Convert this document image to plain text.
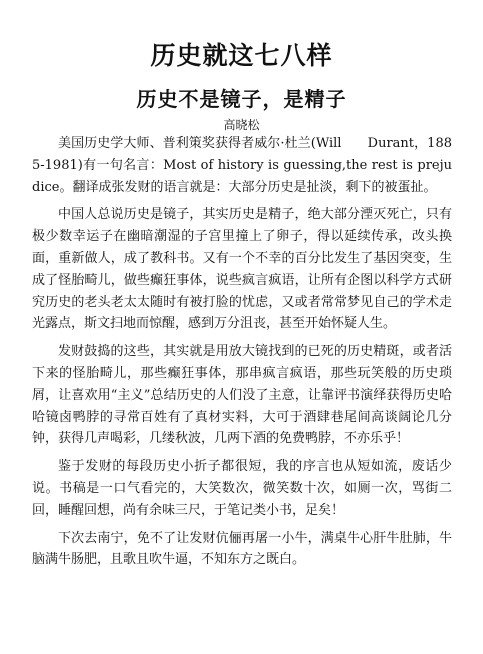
历史就这七八样
历史不是镜子，是精子
高晓松

美国历史学大师、普利策奖获得者威尔·杜兰(Will　　Durant，1885-1981)有一句名言：Most of history is guessing,the rest is prejudice。翻译成张发财的语言就是：大部分历史是扯淡，剩下的被蛋扯。

中国人总说历史是镜子，其实历史是精子，绝大部分湮灭死亡，只有极少数幸运子在幽暗潮湿的子宫里撞上了卵子，得以延续传承，改头换面，重新做人，成了教科书。又有一个不幸的百分比发生了基因突变，生成了怪胎畸儿，做些癫狂事体，说些疯言疯语，让所有企图以科学方式研究历史的老头老太太随时有被打脸的忧虑，又或者常常梦见自己的学术走光露点，斯文扫地而惊醒，感到万分沮丧，甚至开始怀疑人生。

发财鼓捣的这些，其实就是用放大镜找到的已死的历史精斑，或者活下来的怪胎畸儿，那些癫狂事体，那串疯言疯语，那些玩笑般的历史琐屑，让喜欢用“主义”总结历史的人们没了主意，让靠评书演绎获得历史哈哈镜卤鸭脖的寻常百姓有了真材实料，大可于酒肆巷尾间高谈阔论几分钟，获得几声喝彩，几缕秋波，几两下酒的免费鸭脖，不亦乐乎！

鉴于发财的每段历史小折子都很短，我的序言也从短如流，废话少说。书稿是一口气看完的，大笑数次，微笑数十次，如厕一次，骂街二回，睡醒回想，尚有余味三尺，于笔记类小书，足矣！

下次去南宁，免不了让发财伉俪再屠一小牛，满桌牛心肝牛肚肺，牛脑满牛肠肥，且歌且吹牛逼，不知东方之既白。
